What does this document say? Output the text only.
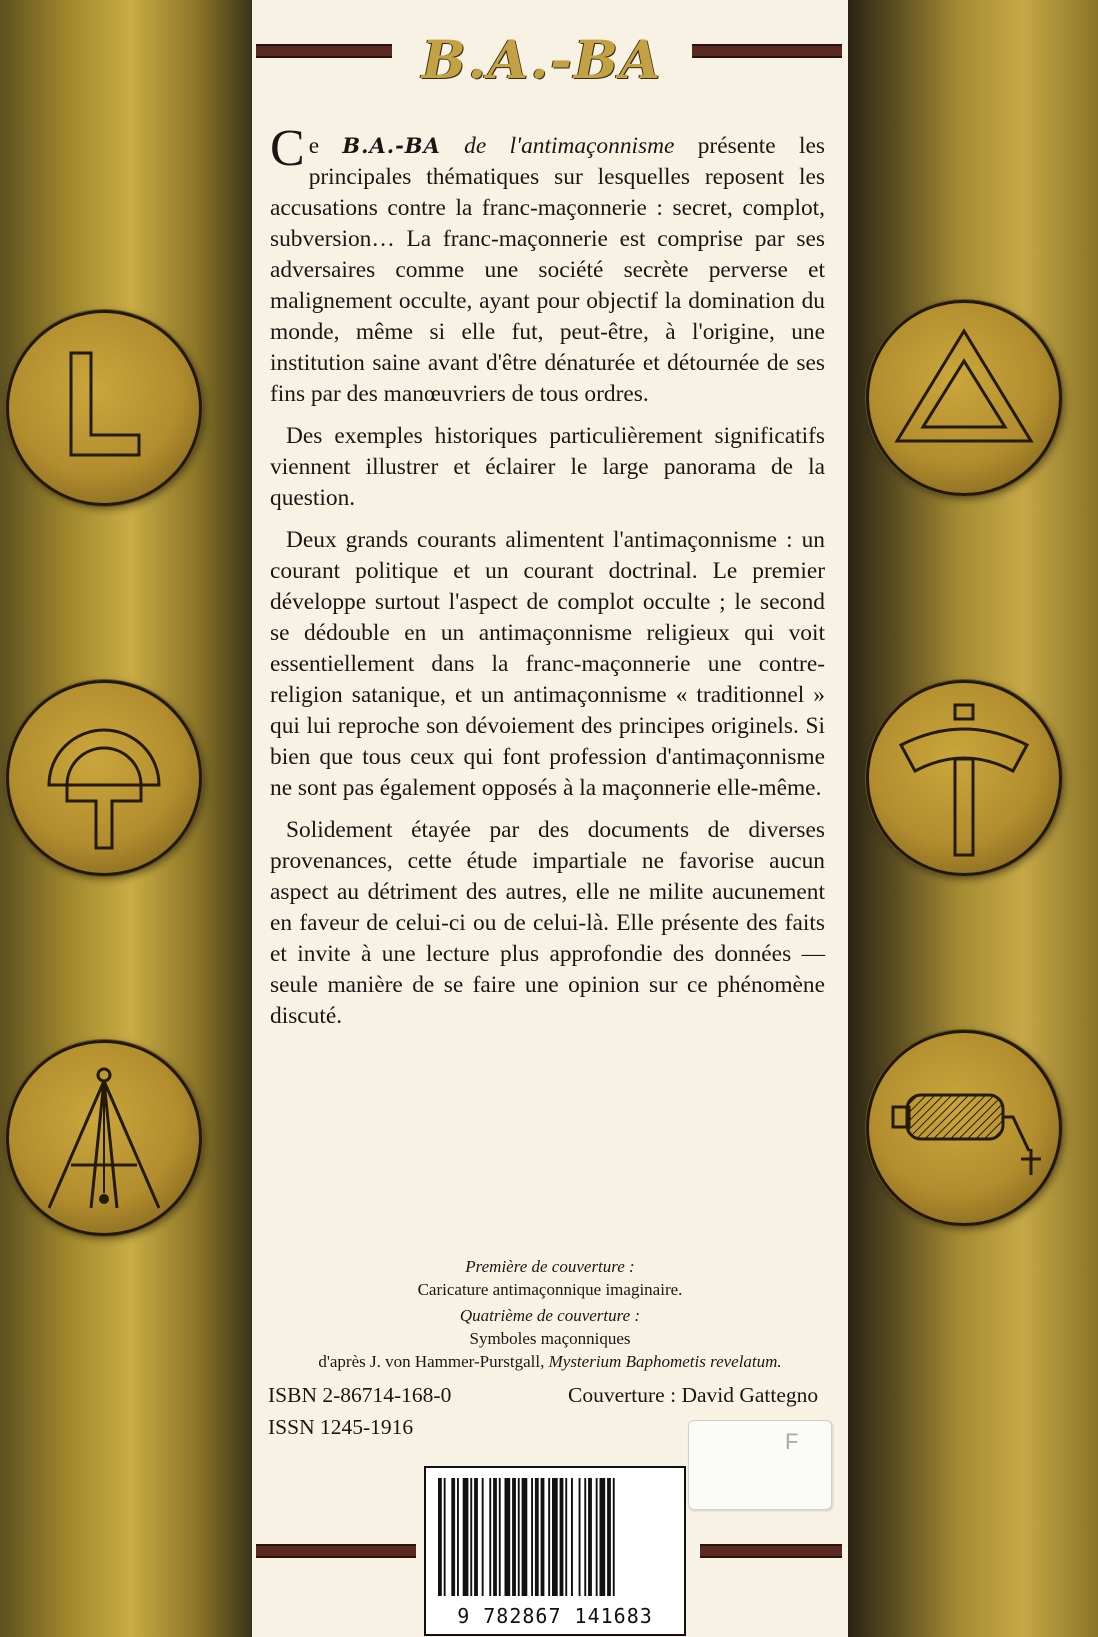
B.A.-BA

Ce B.A.-BA de l'antimaçonnisme présente les principales thématiques sur lesquelles reposent les accusations contre la franc-maçonnerie : secret, complot, subversion… La franc-maçonnerie est comprise par ses adversaires comme une société secrète perverse et malignement occulte, ayant pour objectif la domination du monde, même si elle fut, peut-être, à l'origine, une institution saine avant d'être dénaturée et détournée de ses fins par des manœuvriers de tous ordres.

Des exemples historiques particulièrement significatifs viennent illustrer et éclairer le large panorama de la question.

Deux grands courants alimentent l'antimaçonnisme : un courant politique et un courant doctrinal. Le premier développe surtout l'aspect de complot occulte ; le second se dédouble en un antimaçonnisme religieux qui voit essentiellement dans la franc-maçonnerie une contre-religion satanique, et un antimaçonnisme « traditionnel » qui lui reproche son dévoiement des principes originels. Si bien que tous ceux qui font profession d'antimaçonnisme ne sont pas également opposés à la maçonnerie elle-même.

Solidement étayée par des documents de diverses provenances, cette étude impartiale ne favorise aucun aspect au détriment des autres, elle ne milite aucunement en faveur de celui-ci ou de celui-là. Elle présente des faits et invite à une lecture plus approfondie des données — seule manière de se faire une opinion sur ce phénomène discuté.

Première de couverture :
Caricature antimaçonnique imaginaire.
Quatrième de couverture :
Symboles maçonniques
d'après J. von Hammer-Purstgall, Mysterium Baphometis revelatum.
ISBN 2-86714-168-0
ISSN 1245-1916
Couverture : David Gattegno
F
9 782867 141683
